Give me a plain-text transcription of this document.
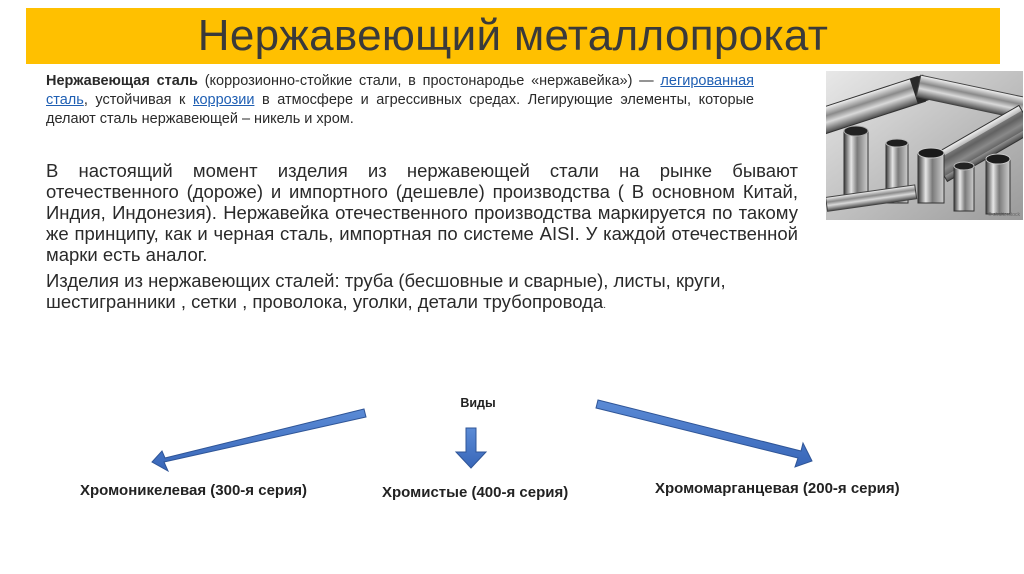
Нержавеющий металлопрокат
Нержавеющая сталь (коррозионно-стойкие стали, в простонародье «нержавейка») — легированная сталь, устойчивая к коррозии в атмосфере и агрессивных средах. Легирующие элементы, которые делают сталь нержавеющей – никель и хром.
В настоящий момент изделия из нержавеющей стали на рынке бывают отечественного (дороже) и импортного (дешевле) производства ( В основном Китай, Индия, Индонезия). Нержавейка отечественного производства маркируется по такому же принципу, как и черная сталь, импортная по системе AISI. У каждой отечественной марки есть аналог.
Изделия из нержавеющих сталей: труба (бесшовные и сварные), листы, круги, шестигранники , сетки , проволока, уголки, детали трубопровода.
© shutterstock
Виды
Хромоникелевая (300-я серия)	Хромистые (400-я серия)	Хромомарганцевая (200-я серия)
